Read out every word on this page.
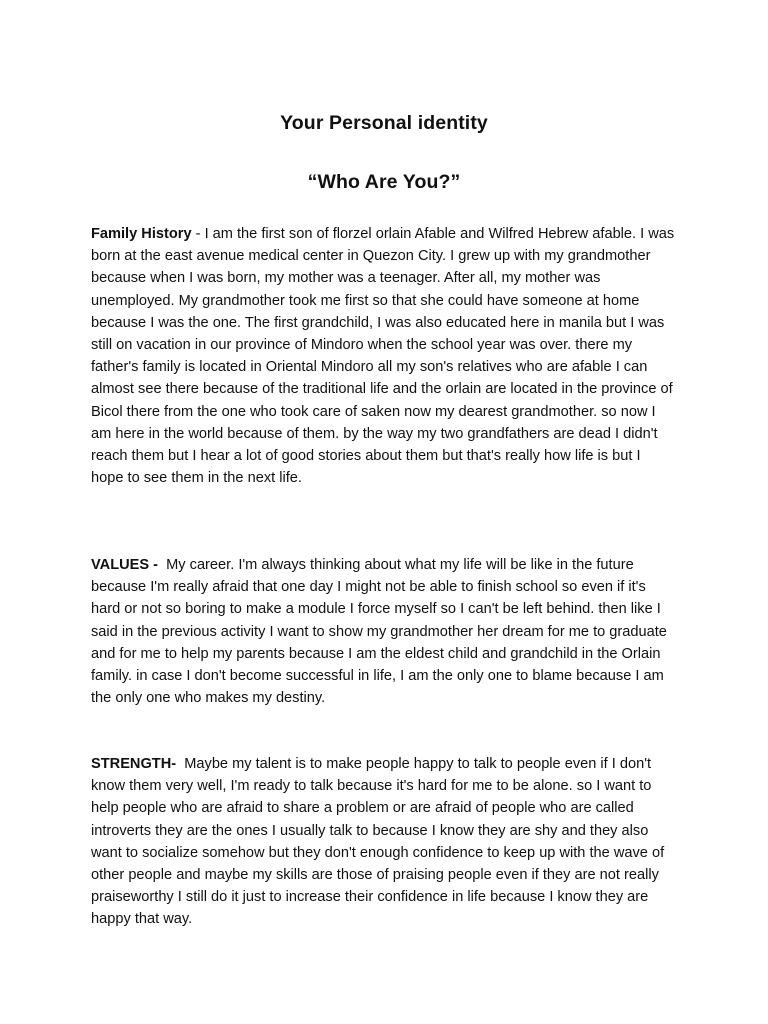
Your Personal identity
“Who Are You?”

Family History - I am the first son of florzel orlain Afable and Wilfred Hebrew afable. I was born at the east avenue medical center in Quezon City. I grew up with my grandmother because when I was born, my mother was a teenager. After all, my mother was unemployed. My grandmother took me first so that she could have someone at home because I was the one. The first grandchild, I was also educated here in manila but I was still on vacation in our province of Mindoro when the school year was over. there my father's family is located in Oriental Mindoro all my son's relatives who are afable I can almost see there because of the traditional life and the orlain are located in the province of Bicol there from the one who took care of saken now my dearest grandmother. so now I am here in the world because of them. by the way my two grandfathers are dead I didn't reach them but I hear a lot of good stories about them but that's really how life is but I hope to see them in the next life.

VALUES - My career. I'm always thinking about what my life will be like in the future because I'm really afraid that one day I might not be able to finish school so even if it's hard or not so boring to make a module I force myself so I can't be left behind. then like I said in the previous activity I want to show my grandmother her dream for me to graduate and for me to help my parents because I am the eldest child and grandchild in the Orlain family. in case I don't become successful in life, I am the only one to blame because I am the only one who makes my destiny.

STRENGTH- Maybe my talent is to make people happy to talk to people even if I don't know them very well, I'm ready to talk because it's hard for me to be alone. so I want to help people who are afraid to share a problem or are afraid of people who are called introverts they are the ones I usually talk to because I know they are shy and they also want to socialize somehow but they don't enough confidence to keep up with the wave of other people and maybe my skills are those of praising people even if they are not really praiseworthy I still do it just to increase their confidence in life because I know they are happy that way.
